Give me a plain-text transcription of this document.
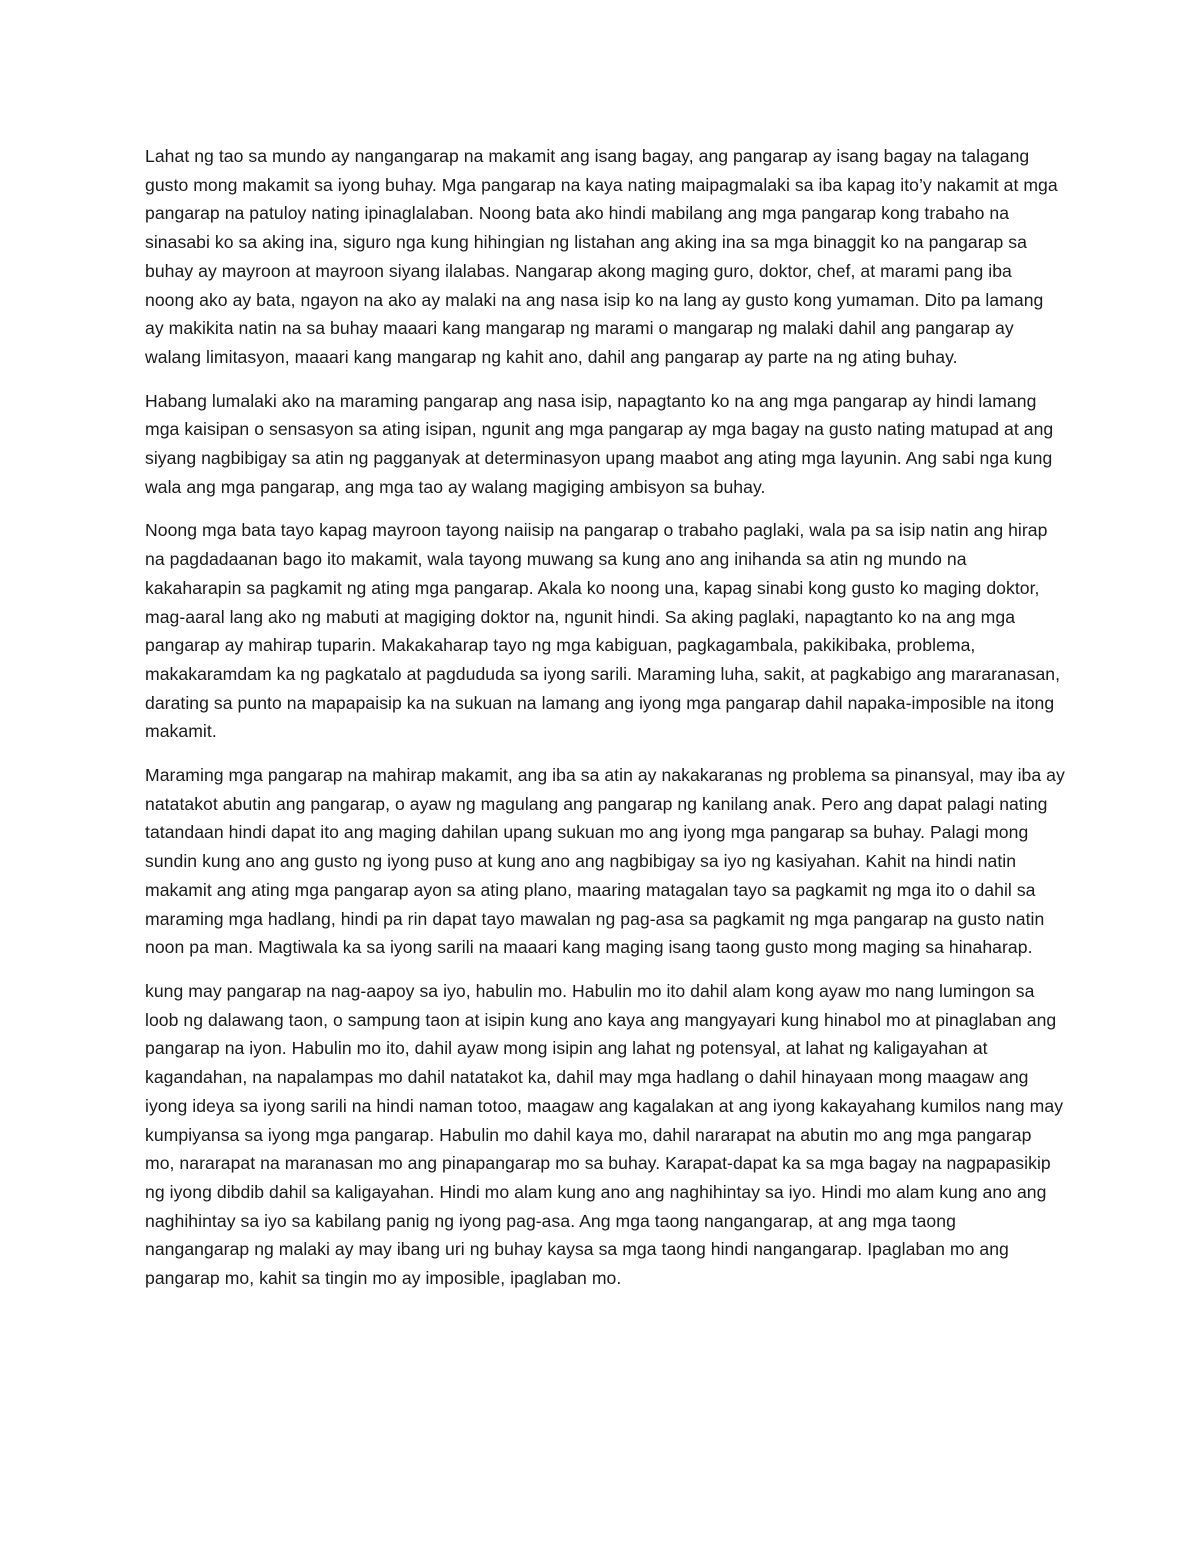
Lahat ng tao sa mundo ay nangangarap na makamit ang isang bagay, ang pangarap ay isang bagay na talagang gusto mong makamit sa iyong buhay. Mga pangarap na kaya nating maipagmalaki sa iba kapag ito’y nakamit at mga pangarap na patuloy nating ipinaglalaban. Noong bata ako hindi mabilang ang mga pangarap kong trabaho na sinasabi ko sa aking ina, siguro nga kung hihingian ng listahan ang aking ina sa mga binaggit ko na pangarap sa buhay ay mayroon at mayroon siyang ilalabas. Nangarap akong maging guro, doktor, chef, at marami pang iba noong ako ay bata, ngayon na ako ay malaki na ang nasa isip ko na lang ay gusto kong yumaman. Dito pa lamang ay makikita natin na sa buhay maaari kang mangarap ng marami o mangarap ng malaki dahil ang pangarap ay walang limitasyon, maaari kang mangarap ng kahit ano, dahil ang pangarap ay parte na ng ating buhay.

Habang lumalaki ako na maraming pangarap ang nasa isip, napagtanto ko na ang mga pangarap ay hindi lamang mga kaisipan o sensasyon sa ating isipan, ngunit ang mga pangarap ay mga bagay na gusto nating matupad at ang siyang nagbibigay sa atin ng pagganyak at determinasyon upang maabot ang ating mga layunin. Ang sabi nga kung wala ang mga pangarap, ang mga tao ay walang magiging ambisyon sa buhay.

Noong mga bata tayo kapag mayroon tayong naiisip na pangarap o trabaho paglaki, wala pa sa isip natin ang hirap na pagdadaanan bago ito makamit, wala tayong muwang sa kung ano ang inihanda sa atin ng mundo na kakaharapin sa pagkamit ng ating mga pangarap. Akala ko noong una, kapag sinabi kong gusto ko maging doktor, mag-aaral lang ako ng mabuti at magiging doktor na, ngunit hindi. Sa aking paglaki, napagtanto ko na ang mga pangarap ay mahirap tuparin. Makakaharap tayo ng mga kabiguan, pagkagambala, pakikibaka, problema, makakaramdam ka ng pagkatalo at pagdududa sa iyong sarili. Maraming luha, sakit, at pagkabigo ang mararanasan, darating sa punto na mapapaisip ka na sukuan na lamang ang iyong mga pangarap dahil napaka-imposible na itong makamit.

Maraming mga pangarap na mahirap makamit, ang iba sa atin ay nakakaranas ng problema sa pinansyal, may iba ay natatakot abutin ang pangarap, o ayaw ng magulang ang pangarap ng kanilang anak. Pero ang dapat palagi nating tatandaan hindi dapat ito ang maging dahilan upang sukuan mo ang iyong mga pangarap sa buhay. Palagi mong sundin kung ano ang gusto ng iyong puso at kung ano ang nagbibigay sa iyo ng kasiyahan. Kahit na hindi natin makamit ang ating mga pangarap ayon sa ating plano, maaring matagalan tayo sa pagkamit ng mga ito o dahil sa maraming mga hadlang, hindi pa rin dapat tayo mawalan ng pag-asa sa pagkamit ng mga pangarap na gusto natin noon pa man. Magtiwala ka sa iyong sarili na maaari kang maging isang taong gusto mong maging sa hinaharap.

kung may pangarap na nag-aapoy sa iyo, habulin mo. Habulin mo ito dahil alam kong ayaw mo nang lumingon sa loob ng dalawang taon, o sampung taon at isipin kung ano kaya ang mangyayari kung hinabol mo at pinaglaban ang pangarap na iyon. Habulin mo ito, dahil ayaw mong isipin ang lahat ng potensyal, at lahat ng kaligayahan at kagandahan, na napalampas mo dahil natatakot ka, dahil may mga hadlang o dahil hinayaan mong maagaw ang iyong ideya sa iyong sarili na hindi naman totoo, maagaw ang kagalakan at ang iyong kakayahang kumilos nang may kumpiyansa sa iyong mga pangarap. Habulin mo dahil kaya mo, dahil nararapat na abutin mo ang mga pangarap mo, nararapat na maranasan mo ang pinapangarap mo sa buhay. Karapat-dapat ka sa mga bagay na nagpapasikip ng iyong dibdib dahil sa kaligayahan. Hindi mo alam kung ano ang naghihintay sa iyo. Hindi mo alam kung ano ang naghihintay sa iyo sa kabilang panig ng iyong pag-asa. Ang mga taong nangangarap, at ang mga taong nangangarap ng malaki ay may ibang uri ng buhay kaysa sa mga taong hindi nangangarap. Ipaglaban mo ang pangarap mo, kahit sa tingin mo ay imposible, ipaglaban mo.
